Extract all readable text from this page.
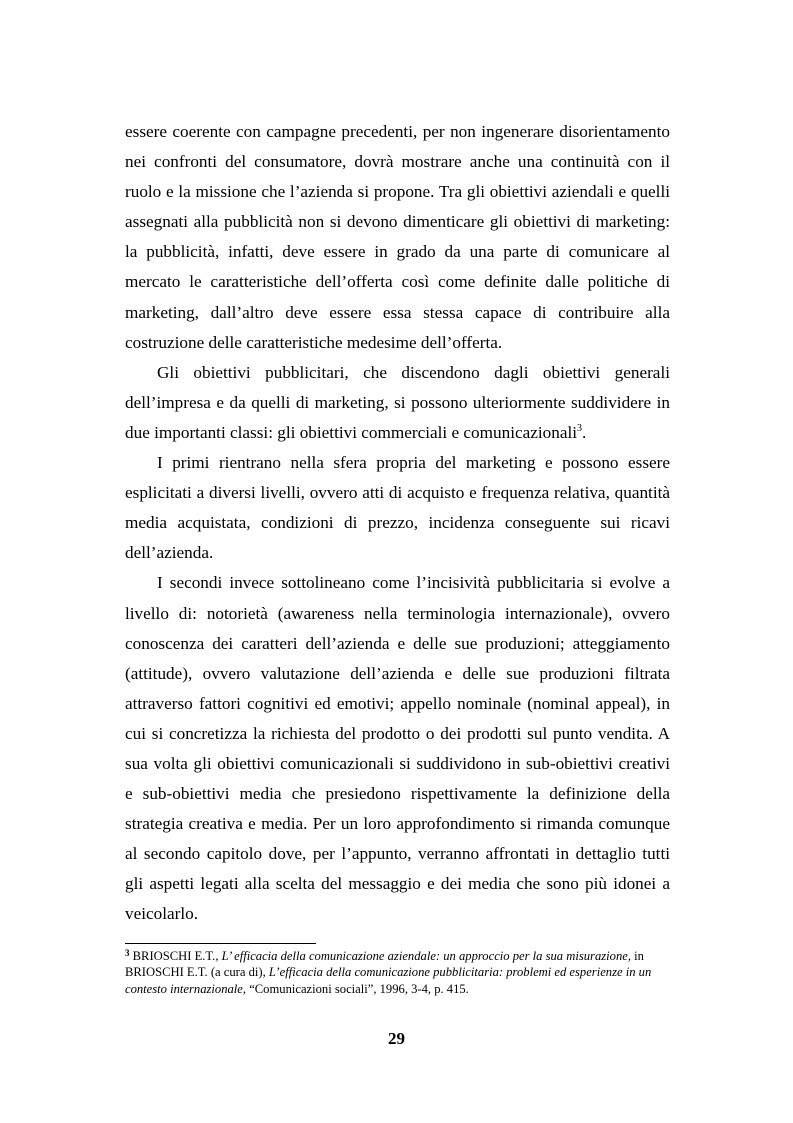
essere coerente con campagne precedenti, per non ingenerare disorientamento nei confronti del consumatore, dovrà mostrare anche una continuità con il ruolo e la missione che l’azienda si propone. Tra gli obiettivi aziendali e quelli assegnati alla pubblicità non si devono dimenticare gli obiettivi di marketing: la pubblicità, infatti, deve essere in grado da una parte di comunicare al mercato le caratteristiche dell’offerta così come definite dalle politiche di marketing, dall’altro deve essere essa stessa capace di contribuire alla costruzione delle caratteristiche medesime dell’offerta.

Gli obiettivi pubblicitari, che discendono dagli obiettivi generali dell’impresa e da quelli di marketing, si possono ulteriormente suddividere in due importanti classi: gli obiettivi commerciali e comunicazionali$^3$.

I primi rientrano nella sfera propria del marketing e possono essere esplicitati a diversi livelli, ovvero atti di acquisto e frequenza relativa, quantità media acquistata, condizioni di prezzo, incidenza conseguente sui ricavi dell’azienda.

I secondi invece sottolineano come l’incisività pubblicitaria si evolve a livello di: notorietà (awareness nella terminologia internazionale), ovvero conoscenza dei caratteri dell’azienda e delle sue produzioni; atteggiamento (attitude), ovvero valutazione dell’azienda e delle sue produzioni filtrata attraverso fattori cognitivi ed emotivi; appello nominale (nominal appeal), in cui si concretizza la richiesta del prodotto o dei prodotti sul punto vendita. A sua volta gli obiettivi comunicazionali si suddividono in sub-obiettivi creativi e sub-obiettivi media che presiedono rispettivamente la definizione della strategia creativa e media. Per un loro approfondimento si rimanda comunque al secondo capitolo dove, per l’appunto, verranno affrontati in dettaglio tutti gli aspetti legati alla scelta del messaggio e dei media che sono più idonei a veicolarlo.

$^3$ BRIOSCHI E.T., L’ efficacia della comunicazione aziendale: un approccio per la sua misurazione, in BRIOSCHI E.T. (a cura di), L’efficacia della comunicazione pubblicitaria: problemi ed esperienze in un contesto internazionale, “Comunicazioni sociali”, 1996, 3-4, p. 415.
29
